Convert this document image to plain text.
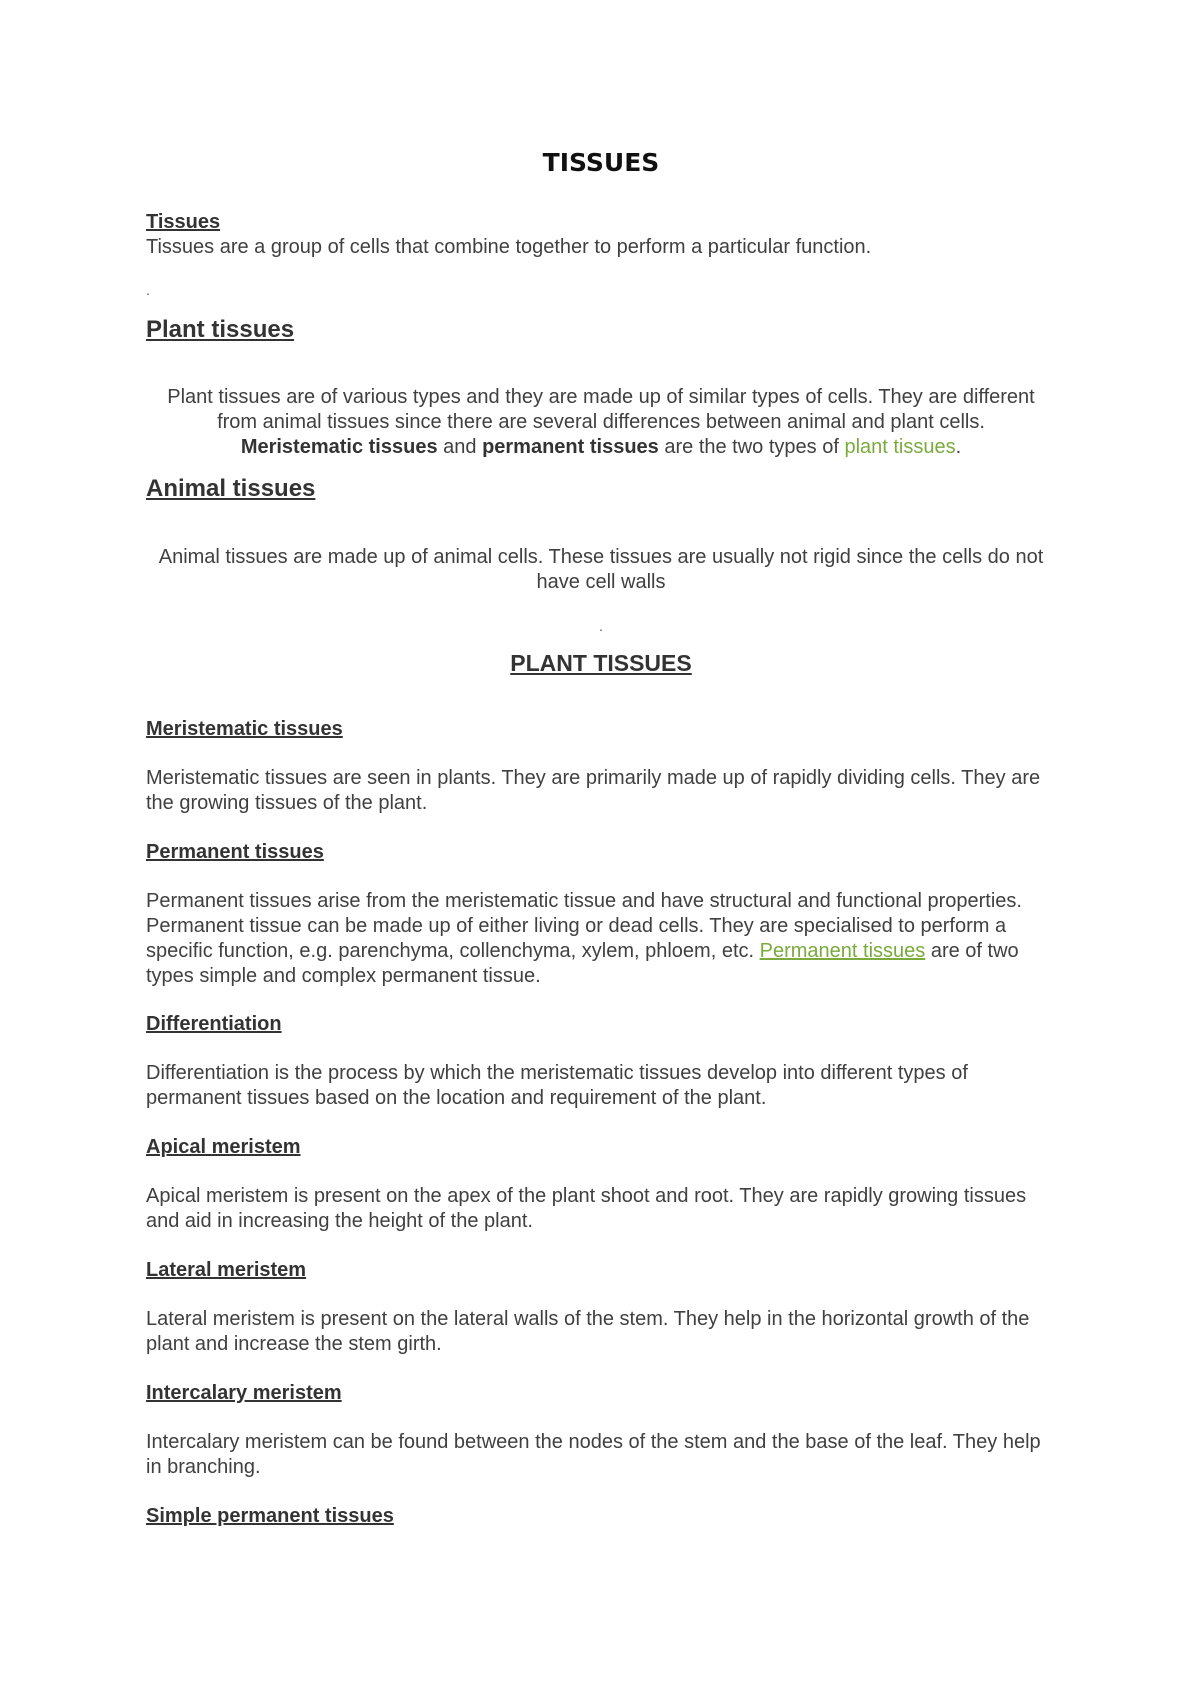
TISSUES

Tissues

Tissues are a group of cells that combine together to perform a particular function.

.

Plant tissues

Plant tissues are of various types and they are made up of similar types of cells. They are different from animal tissues since there are several differences between animal and plant cells.
Meristematic tissues and permanent tissues are the two types of plant tissues.

Animal tissues

Animal tissues are made up of animal cells. These tissues are usually not rigid since the cells do not have cell walls

.

PLANT TISSUES

Meristematic tissues

Meristematic tissues are seen in plants. They are primarily made up of rapidly dividing cells. They are the growing tissues of the plant.

Permanent tissues

Permanent tissues arise from the meristematic tissue and have structural and functional properties. Permanent tissue can be made up of either living or dead cells. They are specialised to perform a specific function, e.g. parenchyma, collenchyma, xylem, phloem, etc. Permanent tissues are of two types simple and complex permanent tissue.

Differentiation

Differentiation is the process by which the meristematic tissues develop into different types of permanent tissues based on the location and requirement of the plant.

Apical meristem

Apical meristem is present on the apex of the plant shoot and root. They are rapidly growing tissues and aid in increasing the height of the plant.

Lateral meristem

Lateral meristem is present on the lateral walls of the stem. They help in the horizontal growth of the plant and increase the stem girth.

Intercalary meristem

Intercalary meristem can be found between the nodes of the stem and the base of the leaf. They help in branching.

Simple permanent tissues
